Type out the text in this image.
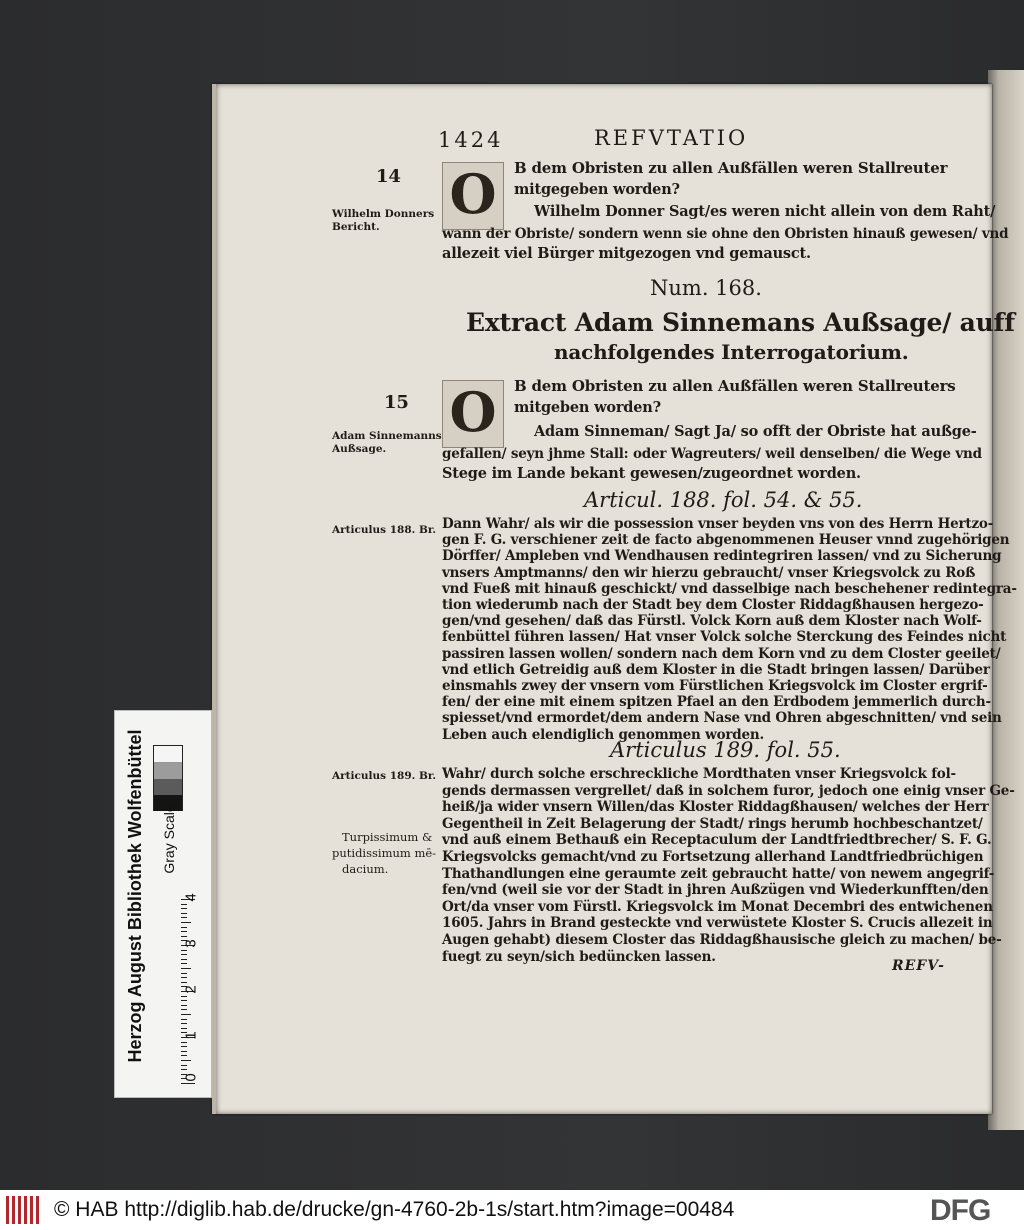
1424	REFVTATIO
14 O
Wilhelm Donners
Bericht.
B dem Obristen zu allen Außfällen weren Stallreuter
mitgegeben worden?
Wilhelm Donner Sagt/es weren nicht allein von dem Raht/
wann der Obriste/ sondern wenn sie ohne den Obristen hinauß gewesen/ vnd
allezeit viel Bürger mitgezogen vnd gemausct.
Num. 168.
Extract Adam Sinnemans Außsage/ auff
nachfolgendes Interrogatorium.
15 O
Adam Sinnemanns
Außsage.
B dem Obristen zu allen Außfällen weren Stallreuters
mitgeben worden?
Adam Sinneman/ Sagt Ja/ so offt der Obriste hat außge-
gefallen/ seyn jhme Stall: oder Wagreuters/ weil denselben/ die Wege vnd
Stege im Lande bekant gewesen/zugeordnet worden.
Articul. 188. fol. 54. & 55.
Articulus 188. Br. Dann Wahr/ als wir die possession vnser beyden vns von des Herrn Hertzo-
gen F. G. verschiener zeit de facto abgenommenen Heuser vnnd zugehörigen
Dörffer/ Ampleben vnd Wendhausen redintegriren lassen/ vnd zu Sicherung
vnsers Amptmanns/ den wir hierzu gebraucht/ vnser Kriegsvolck zu Roß
vnd Fueß mit hinauß geschickt/ vnd dasselbige nach beschehener redintegra-
tion wiederumb nach der Stadt bey dem Closter Riddagßhausen hergezo-
gen/vnd gesehen/ daß das Fürstl. Volck Korn auß dem Kloster nach Wolf-
fenbüttel führen lassen/ Hat vnser Volck solche Sterckung des Feindes nicht
passiren lassen wollen/ sondern nach dem Korn vnd zu dem Closter geeilet/
vnd etlich Getreidig auß dem Kloster in die Stadt bringen lassen/ Darüber
einsmahls zwey der vnsern vom Fürstlichen Kriegsvolck im Closter ergrif-
fen/ der eine mit einem spitzen Pfael an den Erdbodem jemmerlich durch-
spiesset/vnd ermordet/dem andern Nase vnd Ohren abgeschnitten/ vnd sein
Leben auch elendiglich genommen worden.
Articulus 189. fol. 55.
Articulus 189. Br.
Turpissimum &
putidissimum mē-
dacium.
Wahr/ durch solche erschreckliche Mordthaten vnser Kriegsvolck fol-
gends dermassen vergrellet/ daß in solchem furor, jedoch one einig vnser Ge-
heiß/ja wider vnsern Willen/das Kloster Riddagßhausen/ welches der Herr
Gegentheil in Zeit Belagerung der Stadt/ rings herumb hochbeschantzet/
vnd auß einem Bethauß ein Receptaculum der Landtfriedtbrecher/ S. F. G.
Kriegsvolcks gemacht/vnd zu Fortsetzung allerhand Landtfriedbrüchigen
Thathandlungen eine geraumte zeit gebraucht hatte/ von newem angegrif-
fen/vnd (weil sie vor der Stadt in jhren Außzügen vnd Wiederkunfften/den
Ort/da vnser vom Fürstl. Kriegsvolck im Monat Decembri des entwichenen
1605. Jahrs in Brand gesteckte vnd verwüstete Kloster S. Crucis allezeit in
Augen gehabt) diesem Closter das Riddagßhausische gleich zu machen/ be-
fuegt zu seyn/sich bedüncken lassen.
REFV-
Herzog August Bibliothek Wolfenbüttel	Gray Scale
0
1
2
3
4
© HAB http://diglib.hab.de/drucke/gn-4760-2b-1s/start.htm?image=00484	DFG
